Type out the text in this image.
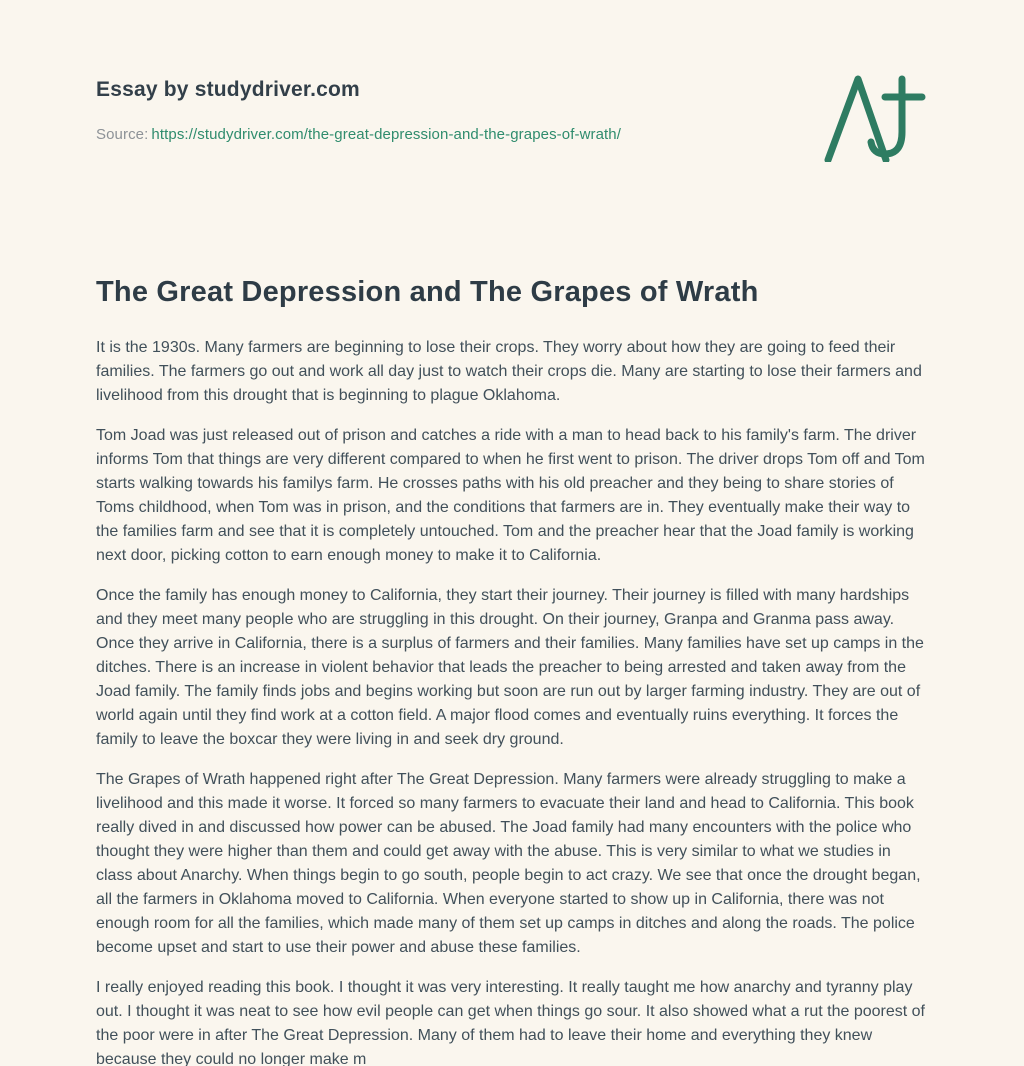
Essay by studydriver.com

Source: https://studydriver.com/the-great-depression-and-the-grapes-of-wrath/

The Great Depression and The Grapes of Wrath

It is the 1930s. Many farmers are beginning to lose their crops. They worry about how they are going to feed their families. The farmers go out and work all day just to watch their crops die. Many are starting to lose their farmers and livelihood from this drought that is beginning to plague Oklahoma.

Tom Joad was just released out of prison and catches a ride with a man to head back to his family's farm. The driver informs Tom that things are very different compared to when he first went to prison. The driver drops Tom off and Tom starts walking towards his familys farm. He crosses paths with his old preacher and they being to share stories of Toms childhood, when Tom was in prison, and the conditions that farmers are in. They eventually make their way to the families farm and see that it is completely untouched. Tom and the preacher hear that the Joad family is working next door, picking cotton to earn enough money to make it to California.

Once the family has enough money to California, they start their journey. Their journey is filled with many hardships and they meet many people who are struggling in this drought. On their journey, Granpa and Granma pass away. Once they arrive in California, there is a surplus of farmers and their families. Many families have set up camps in the ditches. There is an increase in violent behavior that leads the preacher to being arrested and taken away from the Joad family. The family finds jobs and begins working but soon are run out by larger farming industry. They are out of world again until they find work at a cotton field. A major flood comes and eventually ruins everything. It forces the family to leave the boxcar they were living in and seek dry ground.

The Grapes of Wrath happened right after The Great Depression. Many farmers were already struggling to make a livelihood and this made it worse. It forced so many farmers to evacuate their land and head to California. This book really dived in and discussed how power can be abused. The Joad family had many encounters with the police who thought they were higher than them and could get away with the abuse. This is very similar to what we studies in class about Anarchy. When things begin to go south, people begin to act crazy. We see that once the drought began, all the farmers in Oklahoma moved to California. When everyone started to show up in California, there was not enough room for all the families, which made many of them set up camps in ditches and along the roads. The police become upset and start to use their power and abuse these families.

I really enjoyed reading this book. I thought it was very interesting. It really taught me how anarchy and tyranny play out. I thought it was neat to see how evil people can get when things go sour. It also showed what a rut the poorest of the poor were in after The Great Depression. Many of them had to leave their home and everything they knew because they could no longer make m
